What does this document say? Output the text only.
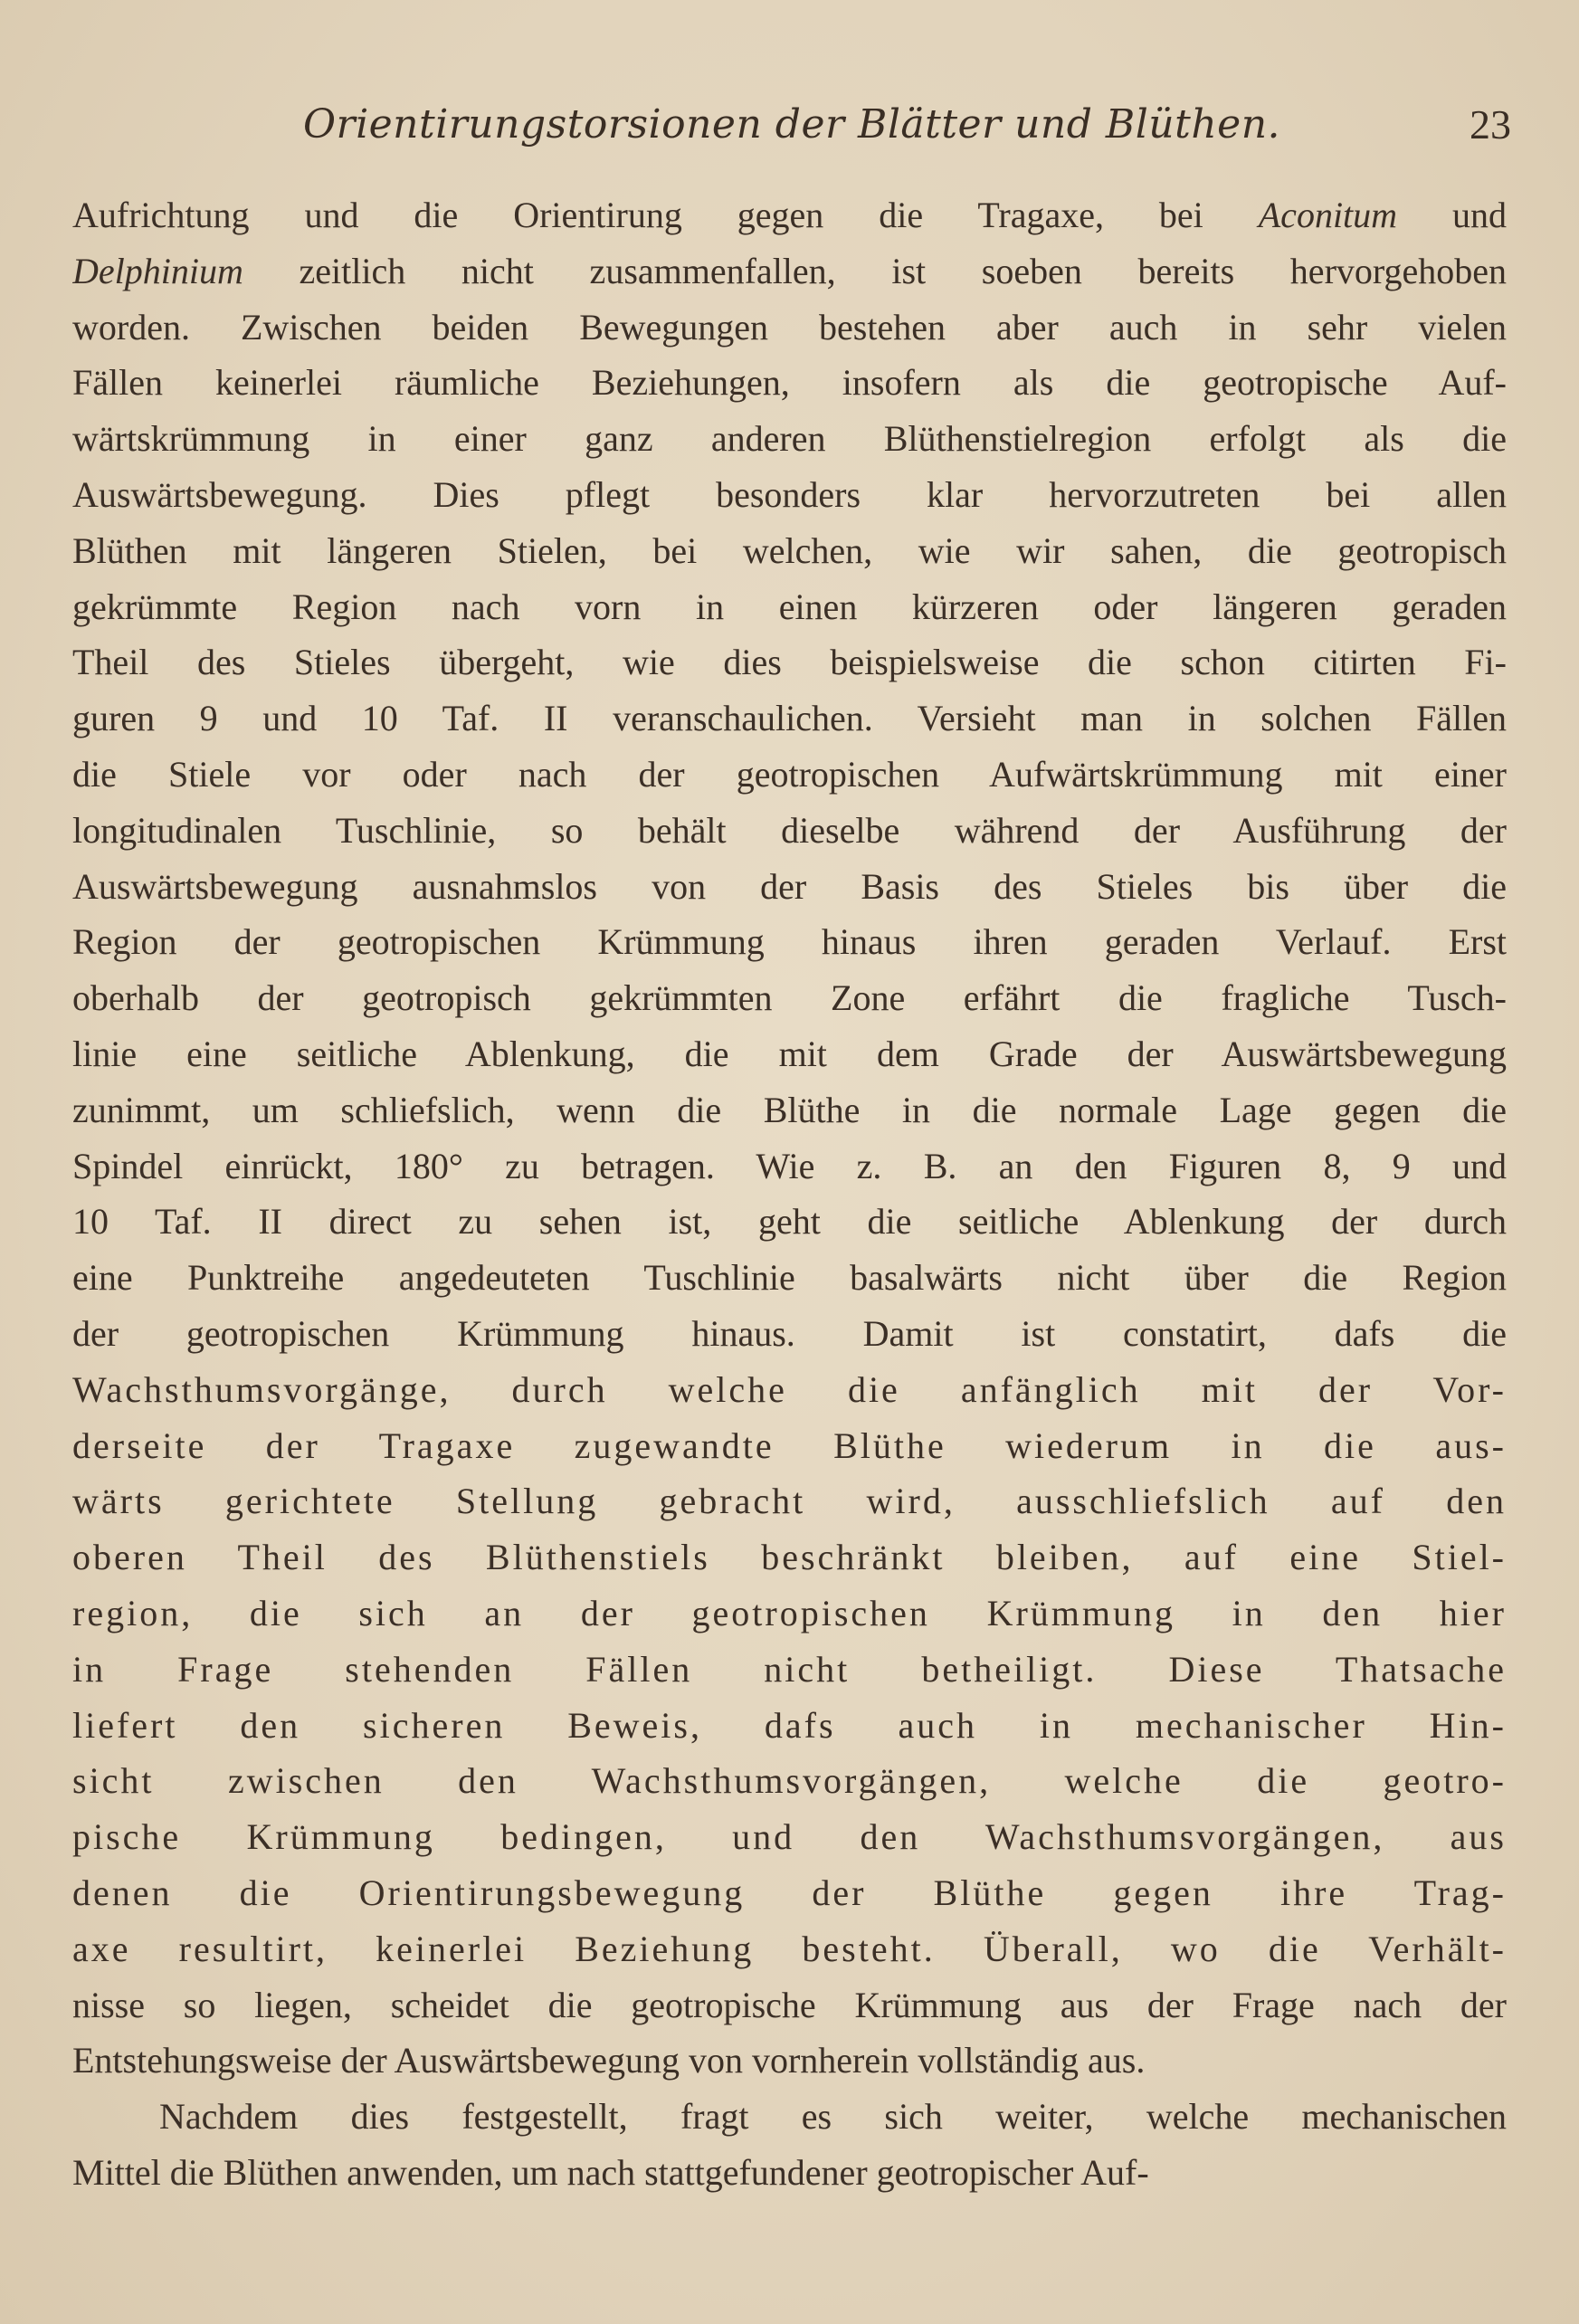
Orientirungstorsionen der Blätter und Blüthen.	23
Aufrichtung und die Orientirung gegen die Tragaxe, bei Aconitum und
Delphinium zeitlich nicht zusammenfallen, ist soeben bereits hervorgehoben
worden. Zwischen beiden Bewegungen bestehen aber auch in sehr vielen
Fällen keinerlei räumliche Beziehungen, insofern als die geotropische Auf-
wärtskrümmung in einer ganz anderen Blüthenstielregion erfolgt als die
Auswärtsbewegung. Dies pflegt besonders klar hervorzutreten bei allen
Blüthen mit längeren Stielen, bei welchen, wie wir sahen, die geotropisch
gekrümmte Region nach vorn in einen kürzeren oder längeren geraden
Theil des Stieles übergeht, wie dies beispielsweise die schon citirten Fi-
guren 9 und 10 Taf. II veranschaulichen. Versieht man in solchen Fällen
die Stiele vor oder nach der geotropischen Aufwärtskrümmung mit einer
longitudinalen Tuschlinie, so behält dieselbe während der Ausführung der
Auswärtsbewegung ausnahmslos von der Basis des Stieles bis über die
Region der geotropischen Krümmung hinaus ihren geraden Verlauf. Erst
oberhalb der geotropisch gekrümmten Zone erfährt die fragliche Tusch-
linie eine seitliche Ablenkung, die mit dem Grade der Auswärtsbewegung
zunimmt, um schliefslich, wenn die Blüthe in die normale Lage gegen die
Spindel einrückt, 180° zu betragen. Wie z. B. an den Figuren 8, 9 und
10 Taf. II direct zu sehen ist, geht die seitliche Ablenkung der durch
eine Punktreihe angedeuteten Tuschlinie basalwärts nicht über die Region
der geotropischen Krümmung hinaus. Damit ist constatirt, dafs die
Wachsthumsvorgänge, durch welche die anfänglich mit der Vor-
derseite der Tragaxe zugewandte Blüthe wiederum in die aus-
wärts gerichtete Stellung gebracht wird, ausschliefslich auf den
oberen Theil des Blüthenstiels beschränkt bleiben, auf eine Stiel-
region, die sich an der geotropischen Krümmung in den hier
in Frage stehenden Fällen nicht betheiligt. Diese Thatsache
liefert den sicheren Beweis, dafs auch in mechanischer Hin-
sicht zwischen den Wachsthumsvorgängen, welche die geotro-
pische Krümmung bedingen, und den Wachsthumsvorgängen, aus
denen die Orientirungsbewegung der Blüthe gegen ihre Trag-
axe resultirt, keinerlei Beziehung besteht. Überall, wo die Verhält-
nisse so liegen, scheidet die geotropische Krümmung aus der Frage nach der
Entstehungsweise der Auswärtsbewegung von vornherein vollständig aus.
Nachdem dies festgestellt, fragt es sich weiter, welche mechanischen
Mittel die Blüthen anwenden, um nach stattgefundener geotropischer Auf-
